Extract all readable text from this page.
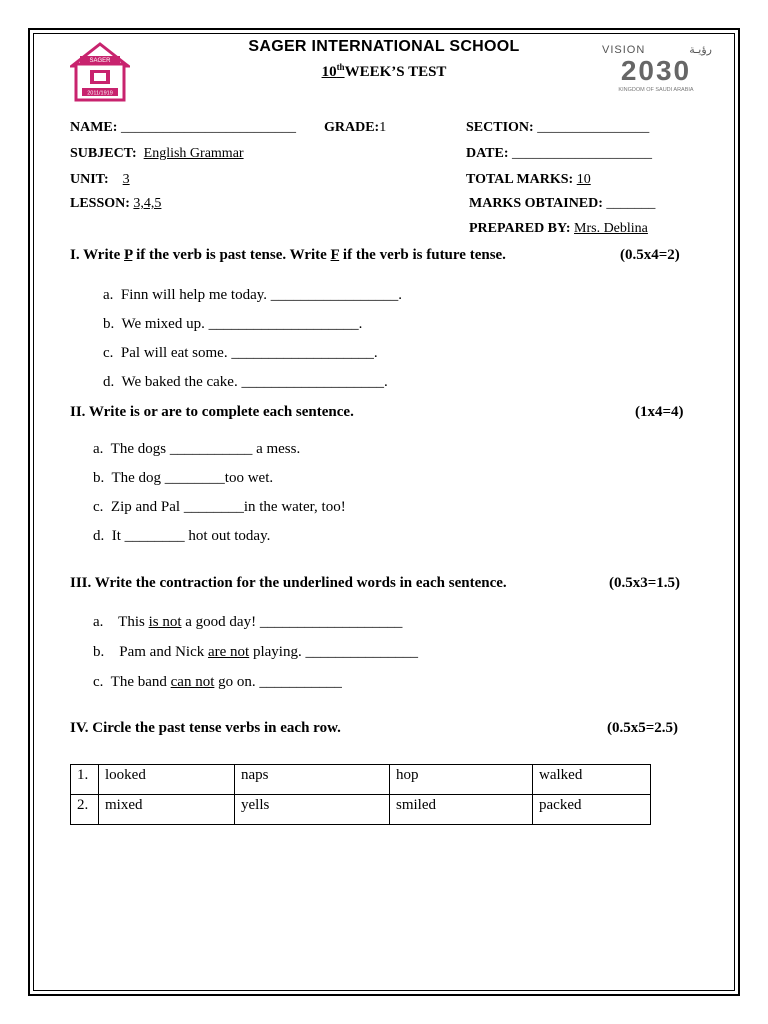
SAGER
2011/1919
VISION	رؤيـة
2030
KINGDOM OF SAUDI ARABIA
SAGER INTERNATIONAL SCHOOL
10thWEEK’S TEST
NAME: _________________________ GRADE:1	SECTION: ________________
SUBJECT: English Grammar	DATE: ____________________
UNIT: 3	TOTAL MARKS: 10
LESSON: 3,4,5	MARKS OBTAINED: _______
PREPARED BY: Mrs. Deblina
I. Write P if the verb is past tense. Write F if the verb is future tense.	(0.5x4=2)
a. Finn will help me today. _________________.
b. We mixed up. ____________________.
c.  Pal will eat some. ___________________.
d.  We baked the cake. ___________________.
II. Write is or are to complete each sentence.	(1x4=4)
a. The dogs ___________ a mess.
b. The dog ________too wet.
c. Zip and Pal ________in the water, too!
d. It ________ hot out today.
III. Write the contraction for the underlined words in each sentence.	(0.5x3=1.5)
a. This is not a good day! ___________________
b. Pam and Nick are not playing. _______________
c. The band can not go on. ___________
IV. Circle the past tense verbs in each row.	(0.5x5=2.5)
1.	looked	naps	hop	walked
2.	mixed	yells	smiled	packed
